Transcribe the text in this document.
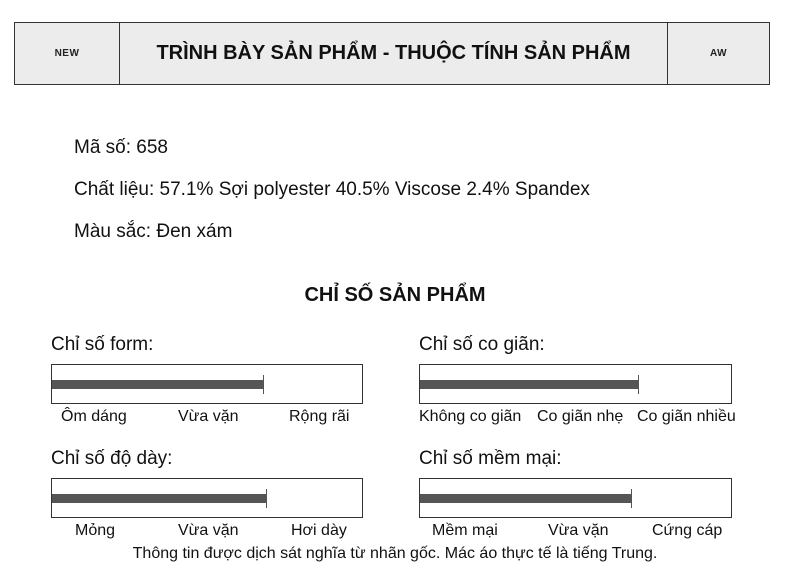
NEW	TRÌNH BÀY SẢN PHẨM - THUỘC TÍNH SẢN PHẨM	AW
Mã số: 658
Chất liệu: 57.1% Sợi polyester 40.5% Viscose 2.4% Spandex
Màu sắc: Đen xám
CHỈ SỐ SẢN PHẨM
Chỉ số form:
Ôm dáng	Vừa vặn	Rộng rãi
Chỉ số co giãn:
Không co giãn Co giãn nhẹ Co giãn nhiều
Chỉ số độ dày:
Mỏng	Vừa vặn	Hơi dày
Chỉ số mềm mại:
Mềm mại	Vừa vặn	Cứng cáp
Thông tin được dịch sát nghĩa từ nhãn gốc. Mác áo thực tế là tiếng Trung.
